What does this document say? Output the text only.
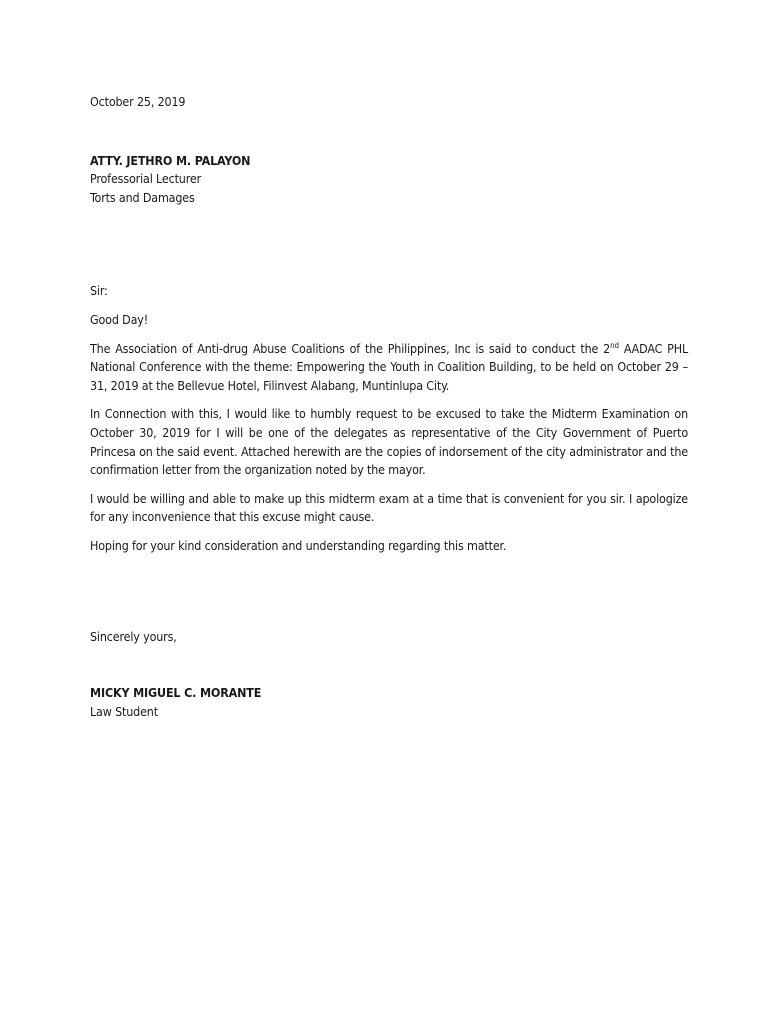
October 25, 2019
ATTY. JETHRO M. PALAYON
Professorial Lecturer
Torts and Damages
Sir:
Good Day!

The Association of Anti-drug Abuse Coalitions of the Philippines, Inc is said to conduct the 2nd AADAC PHL National Conference with the theme: Empowering the Youth in Coalition Building, to be held on October 29 – 31, 2019 at the Bellevue Hotel, Filinvest Alabang, Muntinlupa City.

In Connection with this, I would like to humbly request to be excused to take the Midterm Examination on October 30, 2019 for I will be one of the delegates as representative of the City Government of Puerto Princesa on the said event. Attached herewith are the copies of indorsement of the city administrator and the confirmation letter from the organization noted by the mayor.

I would be willing and able to make up this midterm exam at a time that is convenient for you sir. I apologize for any inconvenience that this excuse might cause.

Hoping for your kind consideration and understanding regarding this matter.

Sincerely yours,
MICKY MIGUEL C. MORANTE
Law Student
